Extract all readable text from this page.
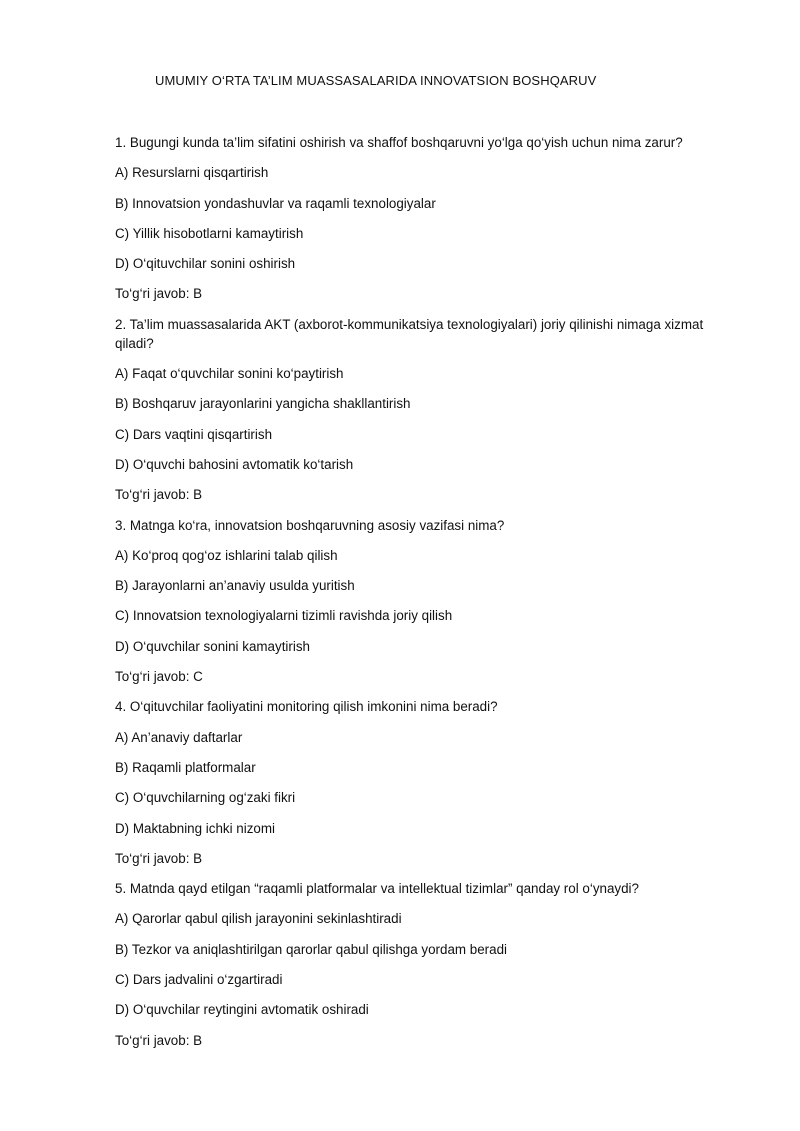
UMUMIY O‘RTA TA’LIM MUASSASALARIDA INNOVATSION BOSHQARUV
1. Bugungi kunda ta’lim sifatini oshirish va shaffof boshqaruvni yo‘lga qo‘yish uchun nima zarur?
A) Resurslarni qisqartirish
B) Innovatsion yondashuvlar va raqamli texnologiyalar
C) Yillik hisobotlarni kamaytirish
D) O‘qituvchilar sonini oshirish
To‘g‘ri javob: B
2. Ta’lim muassasalarida AKT (axborot-kommunikatsiya texnologiyalari) joriy qilinishi nimaga xizmat qiladi?
A) Faqat o‘quvchilar sonini ko‘paytirish
B) Boshqaruv jarayonlarini yangicha shakllantirish
C) Dars vaqtini qisqartirish
D) O‘quvchi bahosini avtomatik ko‘tarish
To‘g‘ri javob: B
3. Matnga ko‘ra, innovatsion boshqaruvning asosiy vazifasi nima?
A) Ko‘proq qog‘oz ishlarini talab qilish
B) Jarayonlarni an’anaviy usulda yuritish
C) Innovatsion texnologiyalarni tizimli ravishda joriy qilish
D) O‘quvchilar sonini kamaytirish
To‘g‘ri javob: C
4. O‘qituvchilar faoliyatini monitoring qilish imkonini nima beradi?
A) An’anaviy daftarlar
B) Raqamli platformalar
C) O‘quvchilarning og‘zaki fikri
D) Maktabning ichki nizomi
To‘g‘ri javob: B
5. Matnda qayd etilgan “raqamli platformalar va intellektual tizimlar” qanday rol o‘ynaydi?
A) Qarorlar qabul qilish jarayonini sekinlashtiradi
B) Tezkor va aniqlashtirilgan qarorlar qabul qilishga yordam beradi
C) Dars jadvalini o‘zgartiradi
D) O‘quvchilar reytingini avtomatik oshiradi
To‘g‘ri javob: B
